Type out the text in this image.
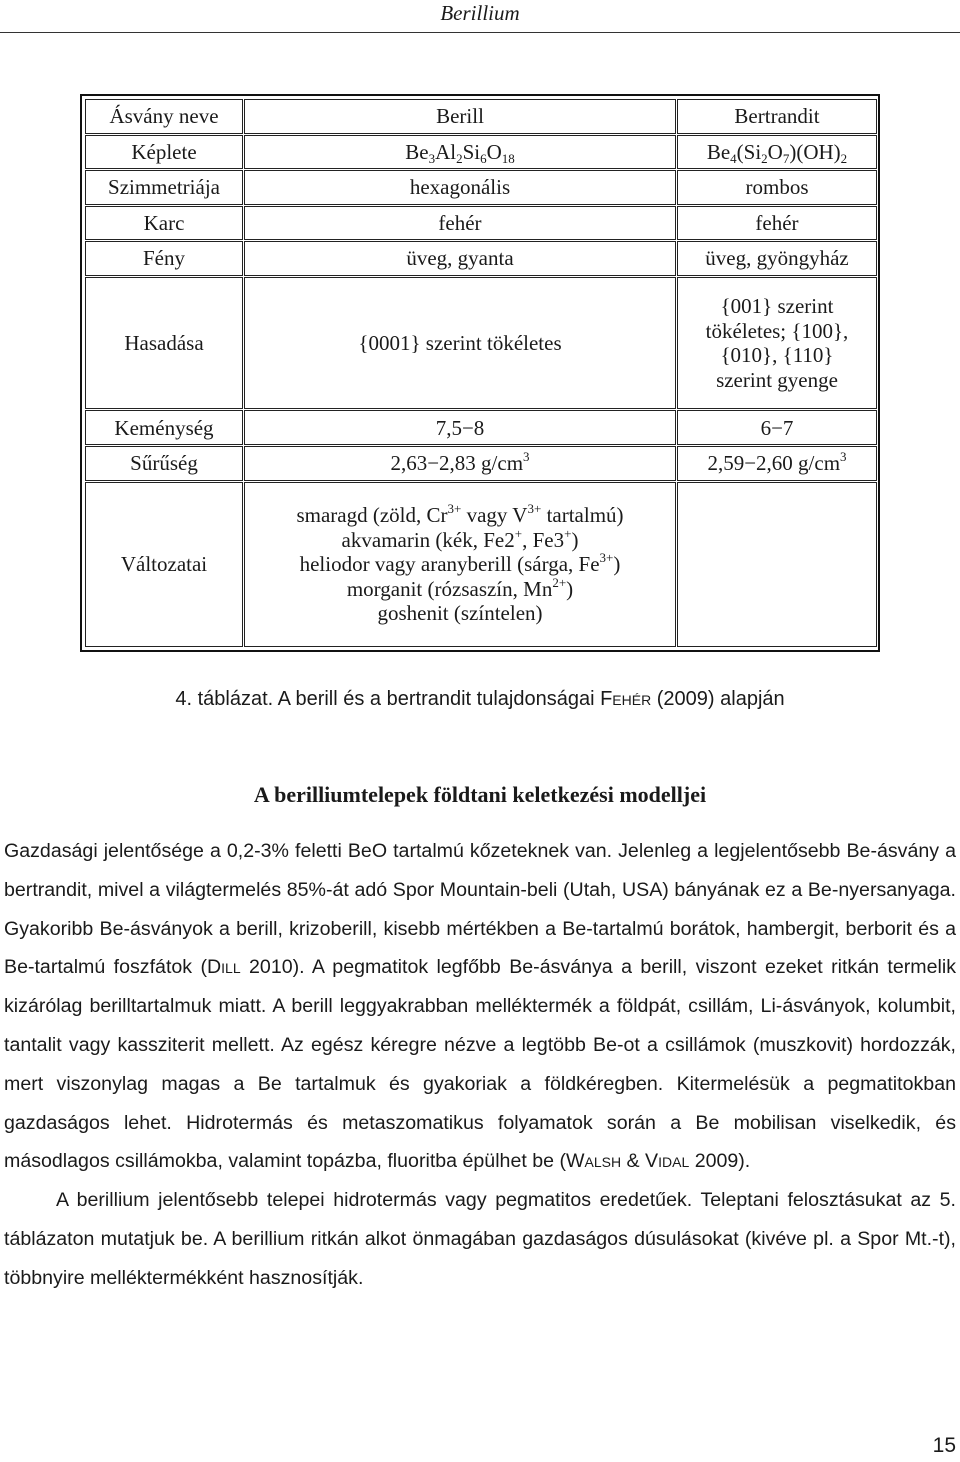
Berillium
Ásvány neve	Berill	Bertrandit
Képlete	$Be_3Al_2Si_6O_{18}$	$Be_4(Si_2O_7)(OH)_2$
Szimmetriája	hexagonális	rombos
Karc	fehér	fehér
Fény	üveg, gyanta	üveg, gyöngyház
Hasadása	{0001} szerint tökéletes	{001} szerint
tökéletes; {100},
{010}, {110}
szerint gyenge

Keménység	7,5−8	6−7
Sűrűség	2,63−2,83 $g/cm^3$	2,59−2,60 $g/cm^3$
Változatai	smaragd (zöld, $Cr^{3+}$ vagy $V^{3+}$ tartalmú)
akvamarin (kék, Fe2+, Fe3+)
heliodor vagy aranyberill (sárga, $Fe^{3+}$)
morganit (rózsaszín, $Mn^{2+}$)
goshenit (színtelen)	

4. táblázat. A berill és a bertrandit tulajdonságai Fehér (2009) alapján
A berilliumtelepek földtani keletkezési modelljei

Gazdasági jelentősége a 0,2-3% feletti BeO tartalmú kőzeteknek van. Jelenleg a legjelentősebb Be-ásvány a bertrandit, mivel a világtermelés 85%-át adó Spor Mountain-beli (Utah, USA) bányának ez a Be-nyersanyaga. Gyakoribb Be-ásványok a berill, krizoberill, kisebb mértékben a Be-tartalmú borátok, hambergit, berborit és a Be-tartalmú foszfátok (Dill 2010). A pegmatitok legfőbb Be-ásványa a berill, viszont ezeket ritkán termelik kizárólag berilltartalmuk miatt. A berill leggyakrabban melléktermék a földpát, csillám, Li-ásványok, kolumbit, tantalit vagy kassziterit mellett. Az egész kéregre nézve a legtöbb Be-ot a csillámok (muszkovit) hordozzák, mert viszonylag magas a Be tartalmuk és gyakoriak a földkéregben. Kitermelésük a pegmatitokban gazdaságos lehet. Hidrotermás és metaszomatikus folyamatok során a Be mobilisan viselkedik, és másodlagos csillámokba, valamint topázba, fluoritba épülhet be (Walsh & Vidal 2009).

A berillium jelentősebb telepei hidrotermás vagy pegmatitos eredetűek. Teleptani felosztásukat az 5. táblázaton mutatjuk be. A berillium ritkán alkot önmagában gazdaságos dúsulásokat (kivéve pl. a Spor Mt.-t), többnyire melléktermékként hasznosítják.

15
